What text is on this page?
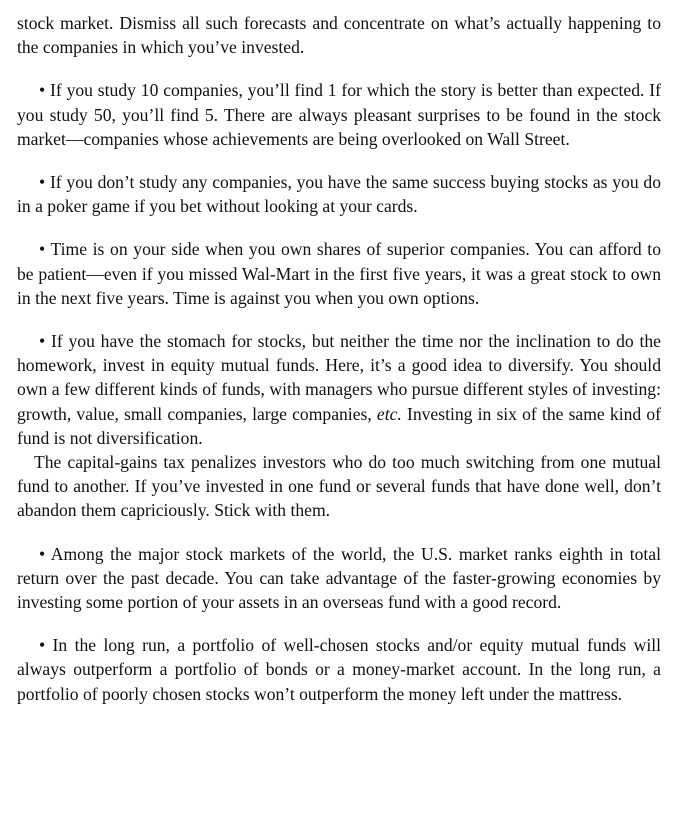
stock market. Dismiss all such forecasts and concentrate on what’s actually happening to the companies in which you’ve invested.

• If you study 10 companies, you’ll find 1 for which the story is better than expected. If you study 50, you’ll find 5. There are always pleasant surprises to be found in the stock market—companies whose achievements are being overlooked on Wall Street.

• If you don’t study any companies, you have the same success buying stocks as you do in a poker game if you bet without looking at your cards.

• Time is on your side when you own shares of superior companies. You can afford to be patient—even if you missed Wal-Mart in the first five years, it was a great stock to own in the next five years. Time is against you when you own options.

• If you have the stomach for stocks, but neither the time nor the inclination to do the homework, invest in equity mutual funds. Here, it’s a good idea to diversify. You should own a few different kinds of funds, with managers who pursue different styles of investing: growth, value, small companies, large companies, etc. Investing in six of the same kind of fund is not diversification.

The capital-gains tax penalizes investors who do too much switching from one mutual fund to another. If you’ve invested in one fund or several funds that have done well, don’t abandon them capriciously. Stick with them.

• Among the major stock markets of the world, the U.S. market ranks eighth in total return over the past decade. You can take advantage of the faster-growing economies by investing some portion of your assets in an overseas fund with a good record.

• In the long run, a portfolio of well-chosen stocks and/or equity mutual funds will always outperform a portfolio of bonds or a money-market account. In the long run, a portfolio of poorly chosen stocks won’t outperform the money left under the mattress.
